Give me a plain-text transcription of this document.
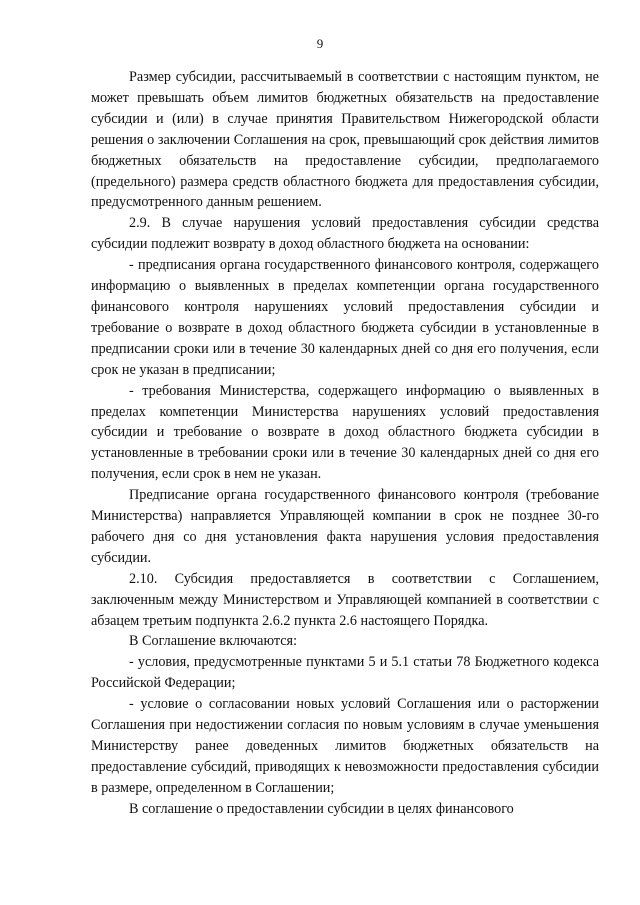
9

Размер субсидии, рассчитываемый в соответствии с настоящим пунктом, не может превышать объем лимитов бюджетных обязательств на предоставление субсидии и (или) в случае принятия Правительством Нижегородской области решения о заключении Соглашения на срок, превышающий срок действия лимитов бюджетных обязательств на предоставление субсидии, предполагаемого (предельного) размера средств областного бюджета для предоставления субсидии, предусмотренного данным решением.

2.9. В случае нарушения условий предоставления субсидии средства субсидии подлежит возврату в доход областного бюджета на основании:

- предписания органа государственного финансового контроля, содержащего информацию о выявленных в пределах компетенции органа государственного финансового контроля нарушениях условий предоставления субсидии и требование о возврате в доход областного бюджета субсидии в установленные в предписании сроки или в течение 30 календарных дней со дня его получения, если срок не указан в предписании;

- требования Министерства, содержащего информацию о выявленных в пределах компетенции Министерства нарушениях условий предоставления субсидии и требование о возврате в доход областного бюджета субсидии в установленные в требовании сроки или в течение 30 календарных дней со дня его получения, если срок в нем не указан.

Предписание органа государственного финансового контроля (требование Министерства) направляется Управляющей компании в срок не позднее 30-го рабочего дня со дня установления факта нарушения условия предоставления субсидии.

2.10. Субсидия предоставляется в соответствии с Соглашением, заключенным между Министерством и Управляющей компанией в соответствии с абзацем третьим подпункта 2.6.2 пункта 2.6 настоящего Порядка.

В Соглашение включаются:

- условия, предусмотренные пунктами 5 и 5.1 статьи 78 Бюджетного кодекса Российской Федерации;

- условие о согласовании новых условий Соглашения или о расторжении Соглашения при недостижении согласия по новым условиям в случае уменьшения Министерству ранее доведенных лимитов бюджетных обязательств на предоставление субсидий, приводящих к невозможности предоставления субсидии в размере, определенном в Соглашении;

В соглашение о предоставлении субсидии в целях финансового
